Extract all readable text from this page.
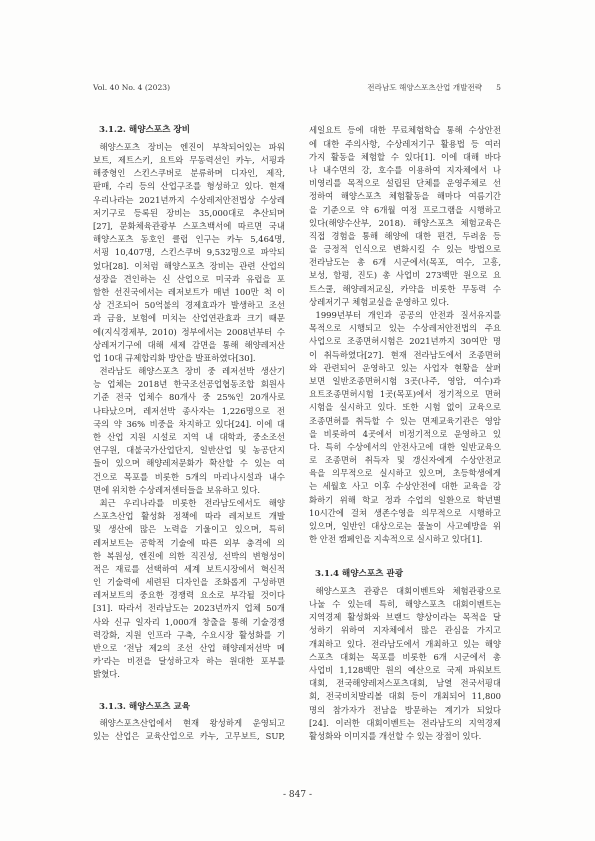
Vol. 40 No. 4 (2023)	전라남도 해양스포츠산업 개발전략 5
3.1.2. 해양스포츠 장비
해양스포츠 장비는 엔진이 부착되어있는 파워
보트, 제트스키, 요트와 무동력선인 카누, 서핑과
해중형인 스킨스쿠버로 분류하며 디자인, 제작,
판매, 수리 등의 산업구조를 형성하고 있다. 현재
우리나라는 2021년까지 수상레저안전법상 수상레
저기구로 등록된 장비는 35,000대로 추산되며
[27], 문화체육관광부 스포츠백서에 따르면 국내
해양스포츠 동호인 클럽 인구는 카누 5,464명,
서핑 10,407명, 스킨스쿠버 9,532명으로 파악되
었다[28]. 이처럼 해양스포츠 장비는 관련 산업의
성장을 견인하는 신 산업으로 미국과 유럽을 포
함한 선진국에서는 레저보트가 매년 100만 척 이
상 건조되어 50억불의 경제효과가 발생하고 조선
과 금융, 보험에 미치는 산업연관효과 크기 때문
에(지식경제부, 2010) 정부에서는 2008년부터 수
상레저기구에 대해 세제 감면을 통해 해양레저산
업 10대 규제합리화 방안을 발표하였다[30].
전라남도 해양스포츠 장비 중 레저선박 생산기
능 업체는 2018년 한국조선공업협동조합 회원사
기준 전국 업체수 80개사 중 25%인 20개사로
나타났으며, 레저선박 종사자는 1,226명으로 전
국의 약 36% 비중을 차지하고 있다[24]. 이에 대
한 산업 지원 시설로 지역 내 대학과, 중소조선
연구원, 대불국가산업단지, 일반산업 및 농공단지
들이 있으며 해양레저문화가 확산할 수 있는 여
건으로 목포를 비롯한 5개의 마리나시설과 내수
면에 위치한 수상레저센터들을 보유하고 있다.
최근 우리나라를 비롯한 전라남도에서도 해양
스포츠산업 활성화 정책에 따라 레저보트 개발
및 생산에 많은 노력을 기울이고 있으며, 특히
레저보트는 공학적 기술에 따른 외부 충격에 의
한 복원성, 엔진에 의한 직진성, 선박의 변형성이
적은 재료를 선택하여 세계 보트시장에서 혁신적
인 기술력에 세련된 디자인을 조화롭게 구성하면
레저보트의 중요한 경쟁력 요소로 부각될 것이다
[31]. 따라서 전라남도는 2023년까지 업체 50개
사와 신규 일자리 1,000개 창출을 통해 기술경쟁
력강화, 지원 인프라 구축, 수요시장 활성화를 기
반으로 ‘전남 제2의 조선 산업 해양레저선박 메
카’라는 비전을 달성하고자 하는 원대한 포부를
밝혔다.
3.1.3. 해양스포츠 교육
해양스포츠산업에서 현재 왕성하게 운영되고
있는 산업은 교육산업으로 카누, 고무보트, SUP,
세일요트 등에 대한 무료체험학습 통해 수상안전
에 대한 주의사항, 수상레저기구 활용법 등 여러
가지 활동을 체험할 수 있다[1]. 이에 대해 바다
나 내수면의 강, 호수를 이용하여 지자체에서 나
비영리를 목적으로 설립된 단체를 운영주체로 선
정하여 해양스포츠 체험활동을 해마다 여름기간
을 기준으로 약 6개월 여정 프로그램을 시행하고
있다(해양수산부, 2018). 해양스포츠 체험교육은
직접 경험을 통해 해양에 대한 편견, 두려움 등
을 긍정적 인식으로 변화시킬 수 있는 방법으로
전라남도는 총 6개 시군에서(목포, 여수, 고흥,
보성, 함평, 진도) 총 사업비 273백만 원으로 요
트스쿨, 해양레저교실, 카약을 비롯한 무동력 수
상레저기구 체험교실을 운영하고 있다.
1999년부터 개인과 공공의 안전과 질서유지를
목적으로 시행되고 있는 수상레저안전법의 주요
사업으로 조종면허시험은 2021년까지 30여만 명
이 취득하였다[27]. 현재 전라남도에서 조종면허
와 관련되어 운영하고 있는 사업자 현황을 살펴
보면 일반조종면허시험 3곳(나주, 영암, 여수)과
요트조종면허시험 1곳(목포)에서 정기적으로 면허
시험을 실시하고 있다. 또한 시험 없이 교육으로
조종면허를 취득할 수 있는 면제교육기관은 영암
을 비롯하여 4곳에서 비정기적으로 운영하고 있
다. 특히 수상에서의 안전사고에 대한 일반교육으
로 조종면허 취득자 및 갱신자에게 수상안전교
육을 의무적으로 실시하고 있으며, 초등학생에게
는 세월호 사고 이후 수상안전에 대한 교육을 강
화하기 위해 학교 정과 수업의 일환으로 학년별
10시간에 걸쳐 생존수영을 의무적으로 시행하고
있으며, 일반인 대상으로는 물놀이 사고예방을 위
한 안전 캠페인을 지속적으로 실시하고 있다[1].
3.1.4 해양스포츠 관광
해양스포츠 관광은 대회이벤트와 체험관광으로
나눌 수 있는데 특히, 해양스포츠 대회이벤트는
지역경제 활성화와 브랜드 향상이라는 목적을 달
성하기 위하여 지자체에서 많은 관심을 가지고
개최하고 있다. 전라남도에서 개최하고 있는 해양
스포츠 대회는 목포를 비롯한 6개 시군에서 총
사업비 1,128백만 원의 예산으로 국제 파워보트
대회, 전국해양레저스포츠대회, 남열 전국서핑대
회, 전국비치발리볼 대회 등이 개최되어 11,800
명의 참가자가 전남을 방문하는 계기가 되었다
[24]. 이러한 대회이벤트는 전라남도의 지역경제
활성화와 이미지를 개선할 수 있는 장점이 있다.
- 847 -
